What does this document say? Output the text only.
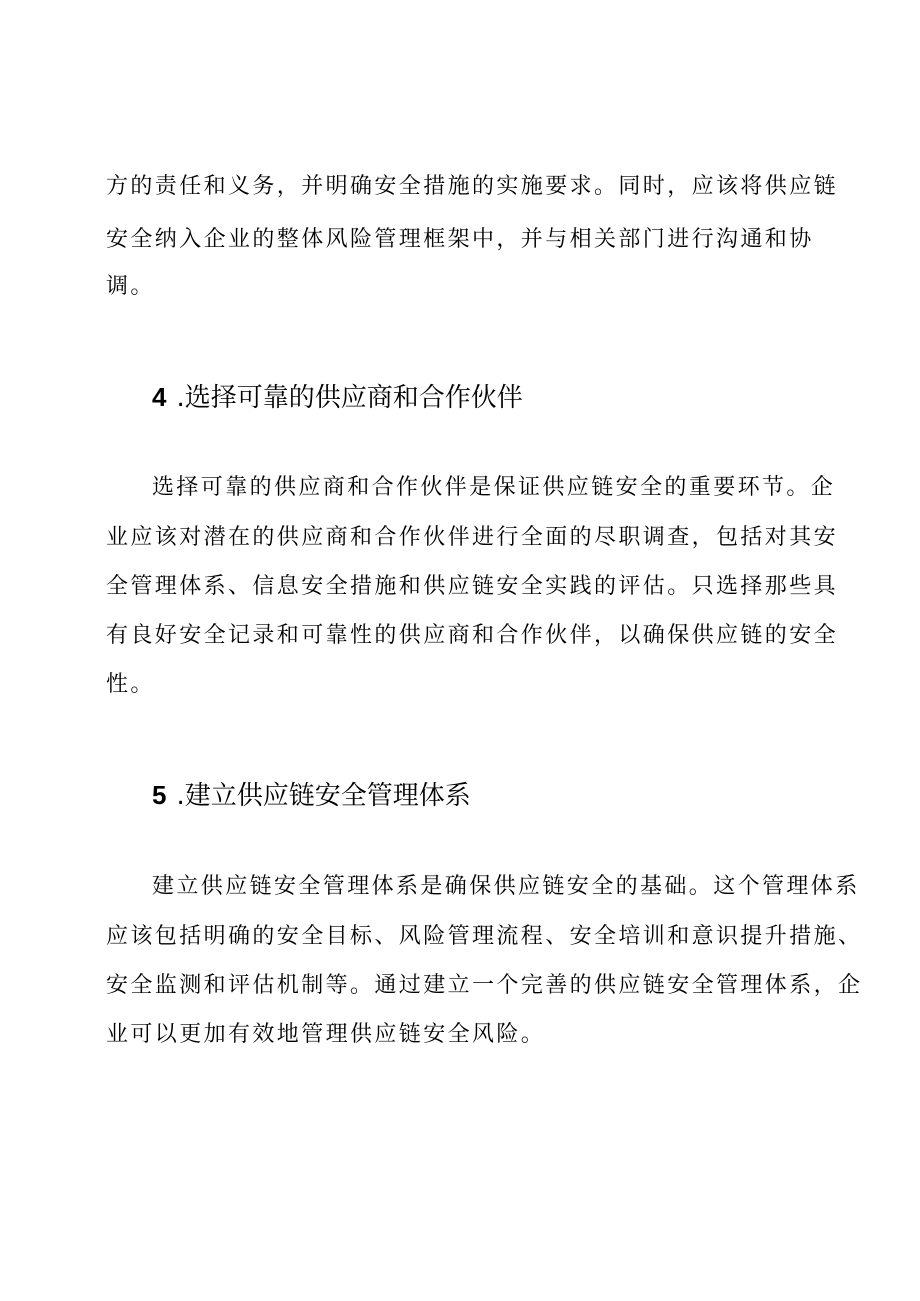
方的责任和义务，并明确安全措施的实施要求。同时，应该将供应链
安全纳入企业的整体风险管理框架中，并与相关部门进行沟通和协
调。
4 .选择可靠的供应商和合作伙伴
选择可靠的供应商和合作伙伴是保证供应链安全的重要环节。企
业应该对潜在的供应商和合作伙伴进行全面的尽职调查，包括对其安
全管理体系、信息安全措施和供应链安全实践的评估。只选择那些具
有良好安全记录和可靠性的供应商和合作伙伴，以确保供应链的安全
性。
5 .建立供应链安全管理体系
建立供应链安全管理体系是确保供应链安全的基础。这个管理体系
应该包括明确的安全目标、风险管理流程、安全培训和意识提升措施、
安全监测和评估机制等。通过建立一个完善的供应链安全管理体系，企
业可以更加有效地管理供应链安全风险。
